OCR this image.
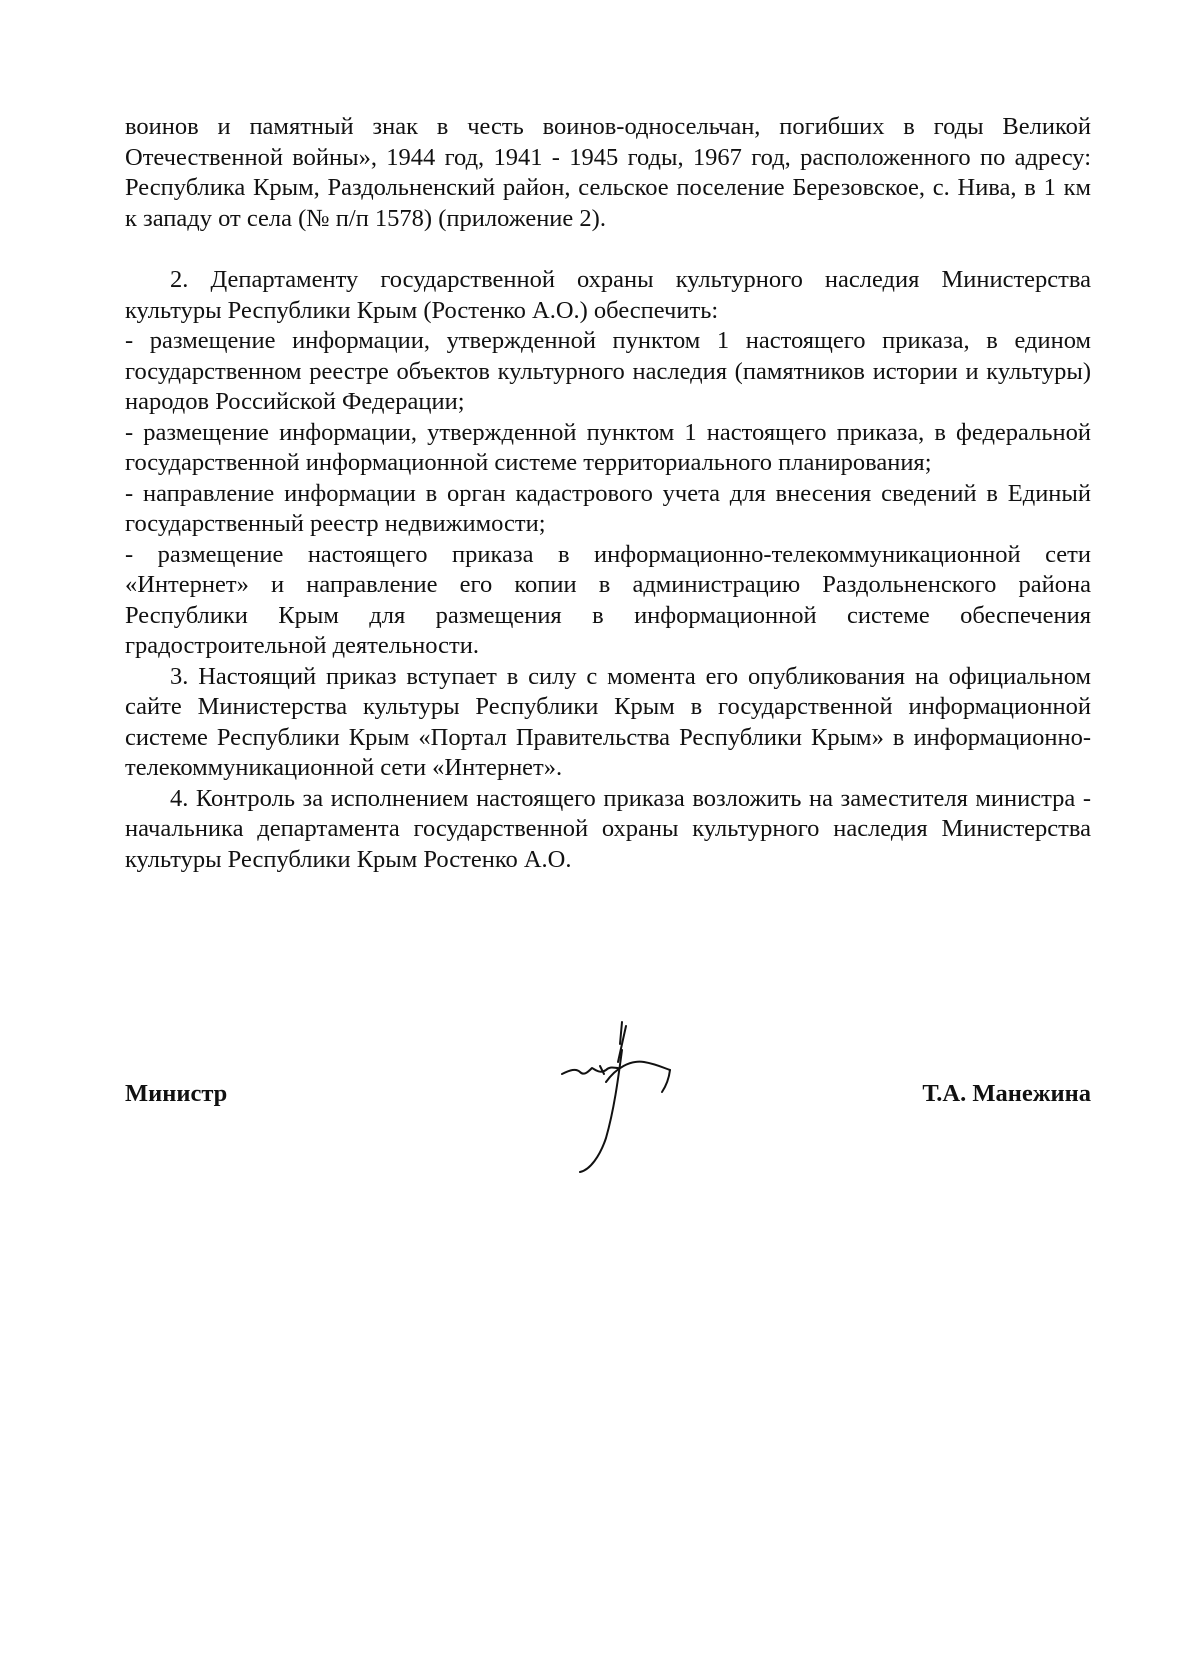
воинов и памятный знак в честь воинов-односельчан, погибших в годы Великой Отечественной войны», 1944 год, 1941 - 1945 годы, 1967 год, расположенного по адресу: Республика Крым, Раздольненский район, сельское поселение Березовское, с. Нива, в 1 км к западу от села (№ п/п 1578) (приложение 2).

2. Департаменту государственной охраны культурного наследия Министерства культуры Республики Крым (Ростенко А.О.) обеспечить:

- размещение информации, утвержденной пунктом 1 настоящего приказа, в едином государственном реестре объектов культурного наследия (памятников истории и культуры) народов Российской Федерации;

- размещение информации, утвержденной пунктом 1 настоящего приказа, в федеральной государственной информационной системе территориального планирования;

- направление информации в орган кадастрового учета для внесения сведений в Единый государственный реестр недвижимости;

- размещение настоящего приказа в информационно-телекоммуникационной сети «Интернет» и направление его копии в администрацию Раздольненского района Республики Крым для размещения в информационной системе обеспечения градостроительной деятельности.

3. Настоящий приказ вступает в силу с момента его опубликования на официальном сайте Министерства культуры Республики Крым в государственной информационной системе Республики Крым «Портал Правительства Республики Крым» в информационно-телекоммуникационной сети «Интернет».

4. Контроль за исполнением настоящего приказа возложить на заместителя министра - начальника департамента государственной охраны культурного наследия Министерства культуры Республики Крым Ростенко А.О.

Министр	Т.А. Манежина
